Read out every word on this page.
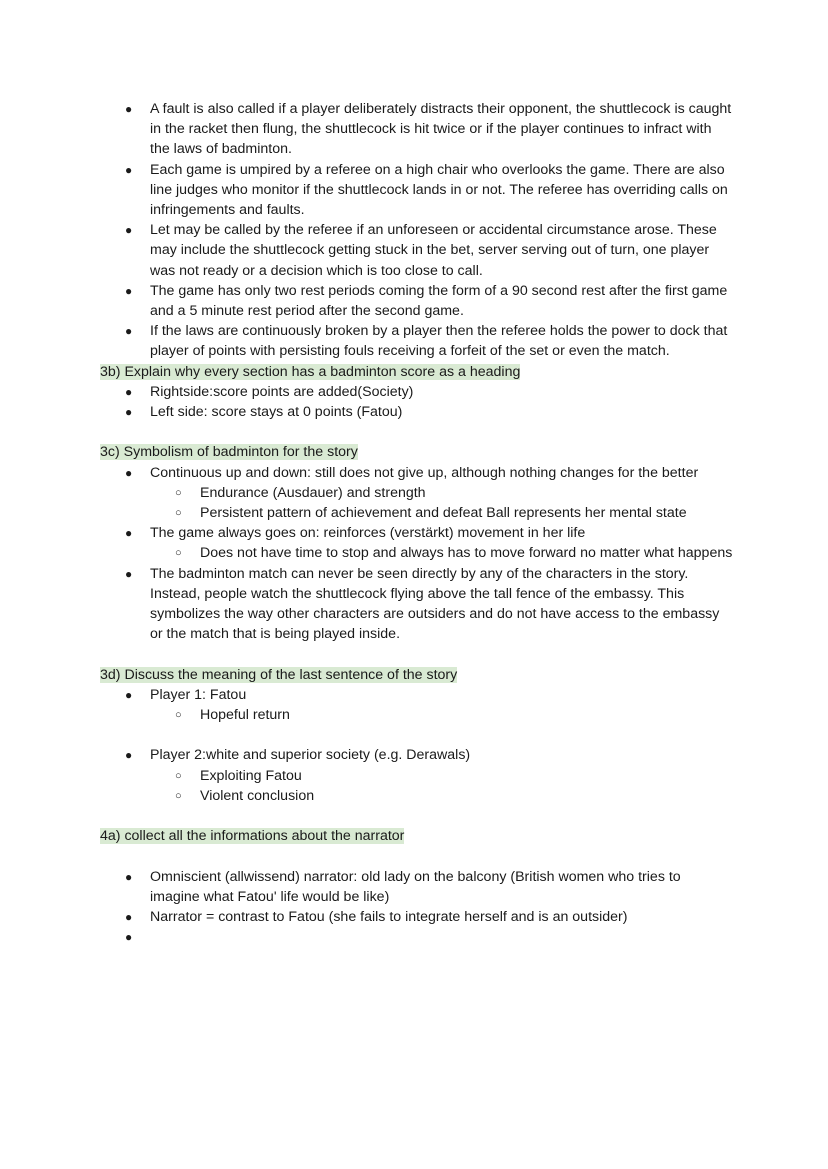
●	A fault is also called if a player deliberately distracts their opponent, the shuttlecock is caught in the racket then flung, the shuttlecock is hit twice or if the player continues to infract with the laws of badminton.
●	Each game is umpired by a referee on a high chair who overlooks the game. There are also line judges who monitor if the shuttlecock lands in or not. The referee has overriding calls on infringements and faults.
●	Let may be called by the referee if an unforeseen or accidental circumstance arose. These may include the shuttlecock getting stuck in the bet, server serving out of turn, one player was not ready or a decision which is too close to call.
●	The game has only two rest periods coming the form of a 90 second rest after the first game and a 5 minute rest period after the second game.
●	If the laws are continuously broken by a player then the referee holds the power to dock that player of points with persisting fouls receiving a forfeit of the set or even the match.
3b) Explain why every section has a badminton score as a heading
●	Rightside:score points are added(Society)
●	Left side: score stays at 0 points (Fatou)
3c) Symbolism of badminton for the story
●	Continuous up and down: still does not give up, although nothing changes for the better
○	Endurance (Ausdauer) and strength
○	Persistent pattern of achievement and defeat Ball represents her mental state
●	The game always goes on: reinforces (verstärkt) movement in her life
○	Does not have time to stop and always has to move forward no matter what happens
●	The badminton match can never be seen directly by any of the characters in the story. Instead, people watch the shuttlecock flying above the tall fence of the embassy. This symbolizes the way other characters are outsiders and do not have access to the embassy or the match that is being played inside.
3d) Discuss the meaning of the last sentence of the story
●	Player 1: Fatou
○	Hopeful return
●	Player 2:white and superior society (e.g. Derawals)
○	Exploiting Fatou
○	Violent conclusion
4a) collect all the informations about the narrator
●	Omniscient (allwissend) narrator: old lady on the balcony (British women who tries to imagine what Fatou' life would be like)
●	Narrator = contrast to Fatou (she fails to integrate herself and is an outsider)
●
